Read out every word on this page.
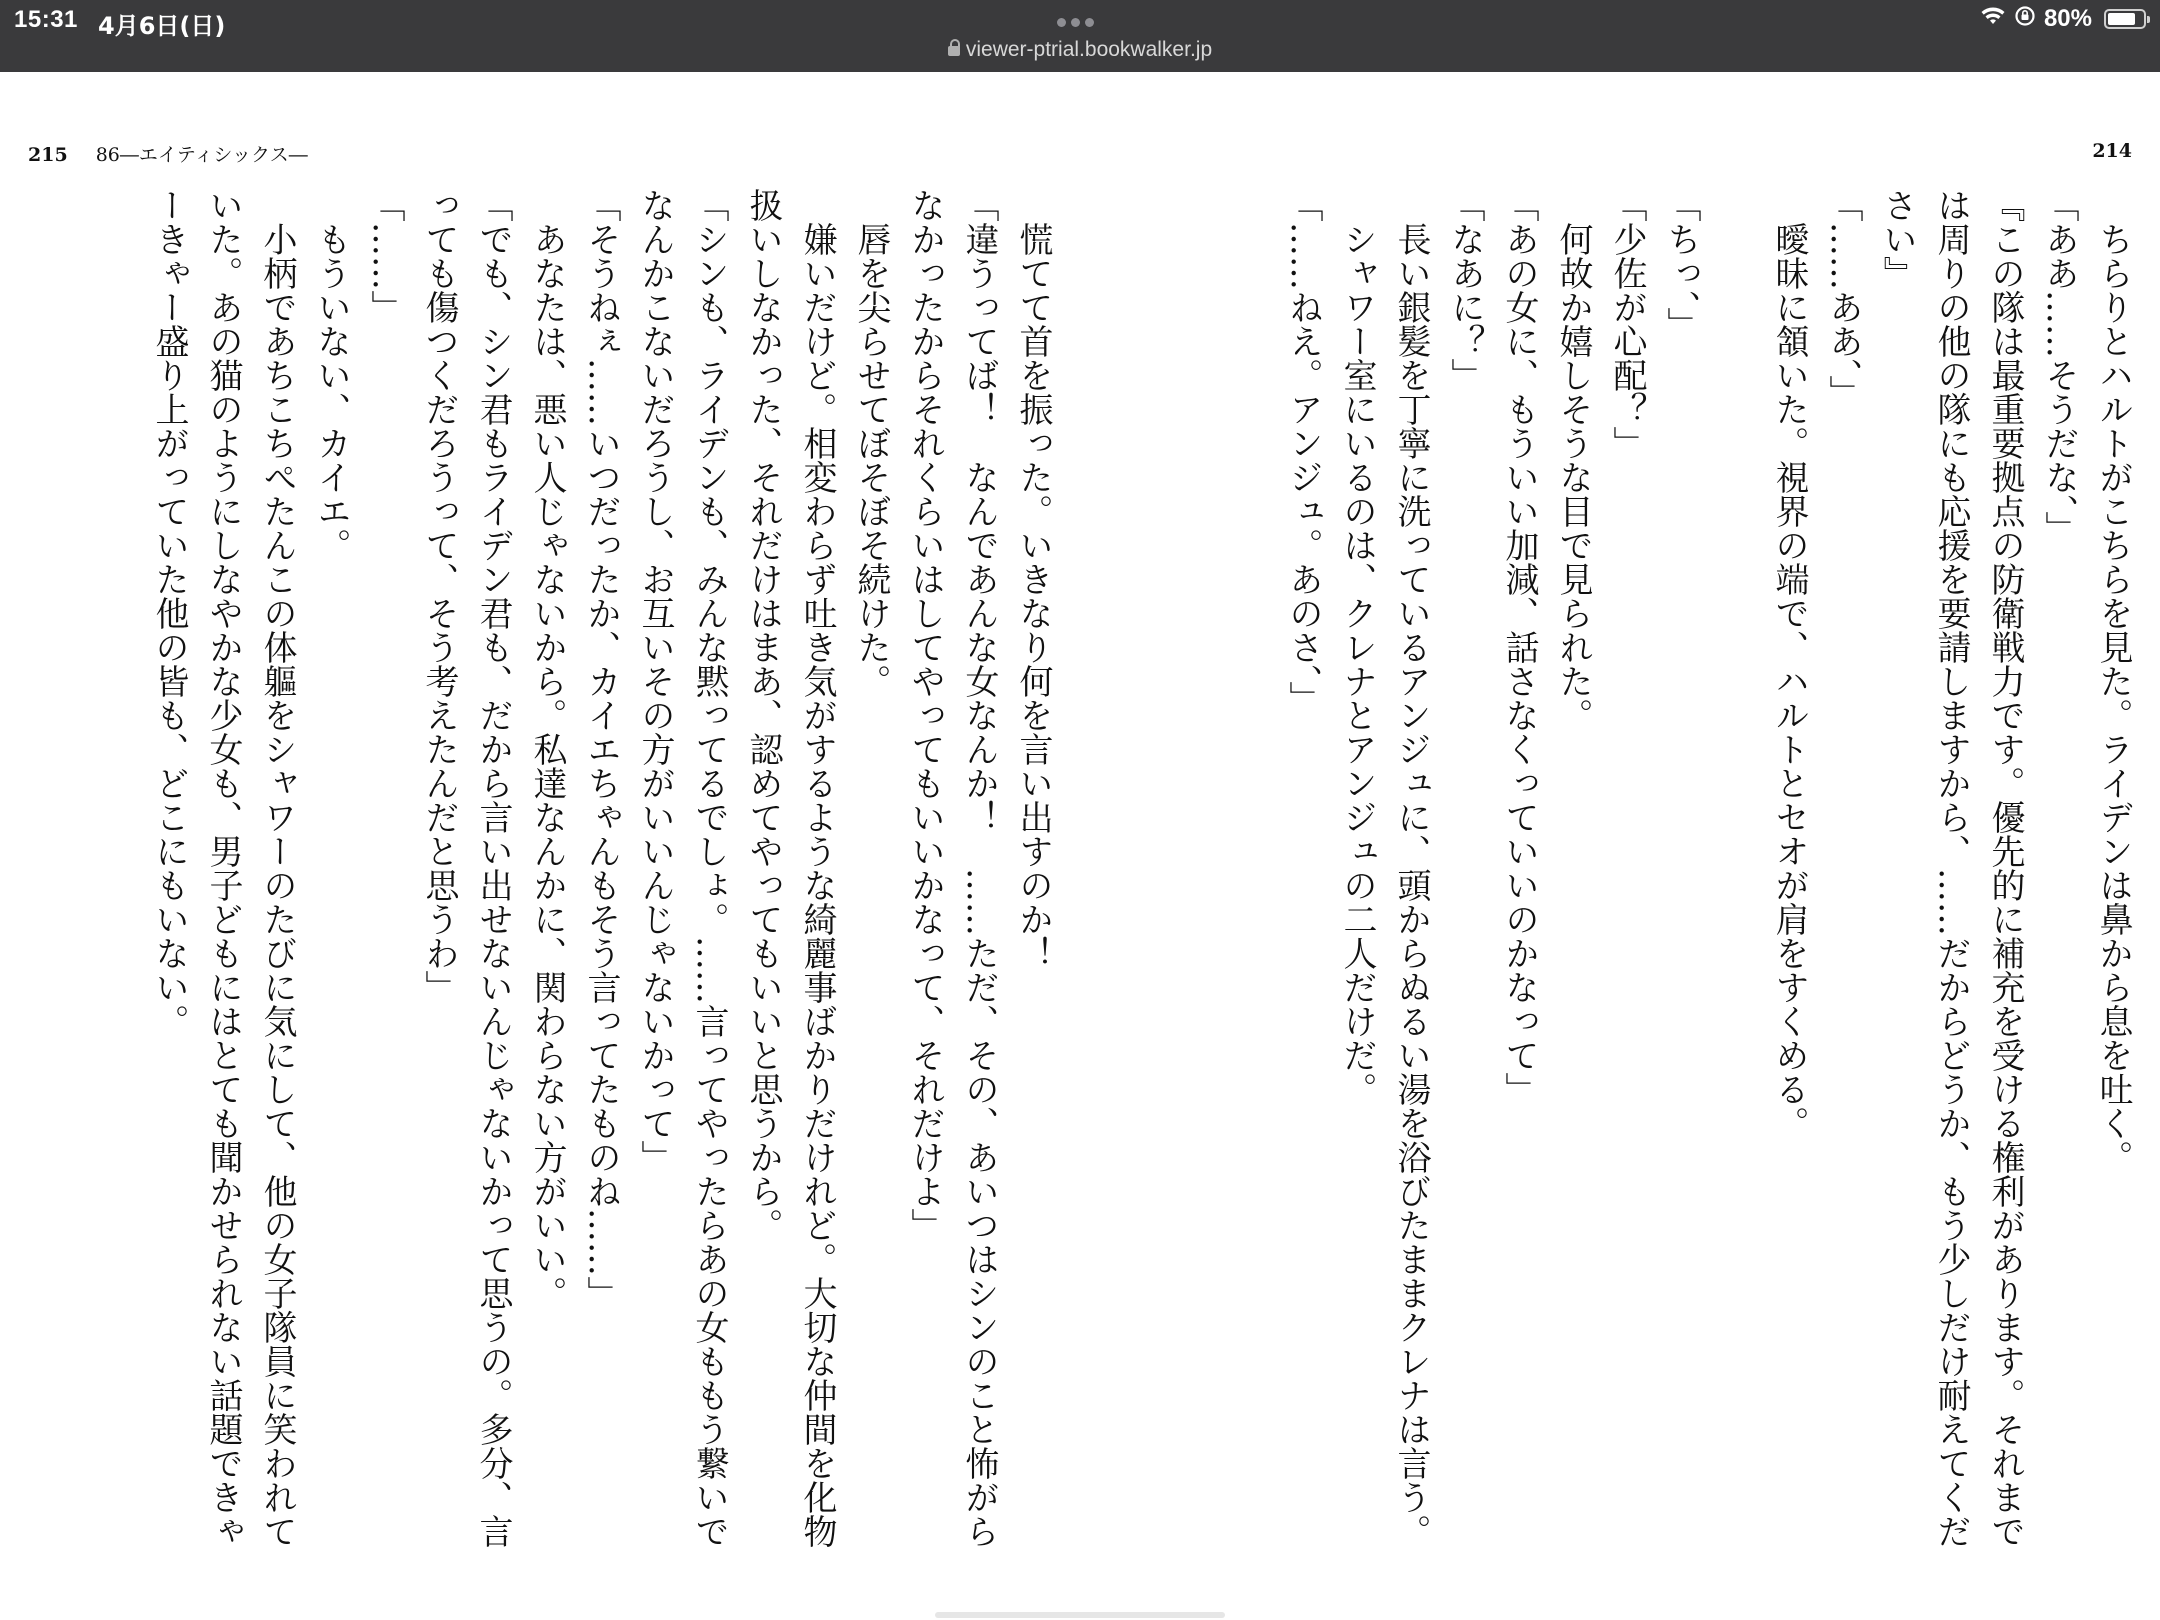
15:31 4月6日(日)
viewer-ptrial.bookwalker.jp
80%
215 86―エイティシックス―	214

ちらりとハルトがこちらを見た。ライデンは鼻から息を吐く。

「ああ……そうだな、」

『この隊は最重要拠点の防衛戦力です。優先的に補充を受ける権利があります。それまでは周りの他の隊にも応援を要請しますから、……だからどうか、もう少しだけ耐えてください』

「……ああ、」

曖昧に頷いた。視界の端で、ハルトとセオが肩をすくめる。

「ちっ、」

「少佐が心配？」

何故か嬉しそうな目で見られた。

「あの女に、もういい加減、話さなくっていいのかなって」

「なあに？」

長い銀髪を丁寧に洗っているアンジュに、頭からぬるい湯を浴びたままクレナは言う。

シャワー室にいるのは、クレナとアンジュの二人だけだ。

「……ねえ。アンジュ。あのさ、」

慌てて首を振った。いきなり何を言い出すのか！

「違うってば！　なんであんな女なんか！　……ただ、その、あいつはシンのこと怖がらなかったからそれくらいはしてやってもいいかなって、それだけよ」

唇を尖らせてぼそぼそ続けた。

嫌いだけど。相変わらず吐き気がするような綺麗事ばかりだけれど。大切な仲間を化物扱いしなかった、それだけはまあ、認めてやってもいいと思うから。

「シンも、ライデンも、みんな黙ってるでしょ。……言ってやったらあの女ももう繋いでなんかこないだろうし、お互いその方がいいんじゃないかって」

「そうねぇ……いつだったか、カイエちゃんもそう言ってたものね……」

あなたは、悪い人じゃないから。私達なんかに、関わらない方がいい。

「でも、シン君もライデン君も、だから言い出せないんじゃないかって思うの。多分、言っても傷つくだろうって、そう考えたんだと思うわ」

「……」

もういない、カイエ。

小柄であちこちぺたんこの体軀をシャワーのたびに気にして、他の女子隊員に笑われていた。あの猫のようにしなやかな少女も、男子どもにはとても聞かせられない話題できゃーきゃー盛り上がっていた他の皆も、どこにもいない。
